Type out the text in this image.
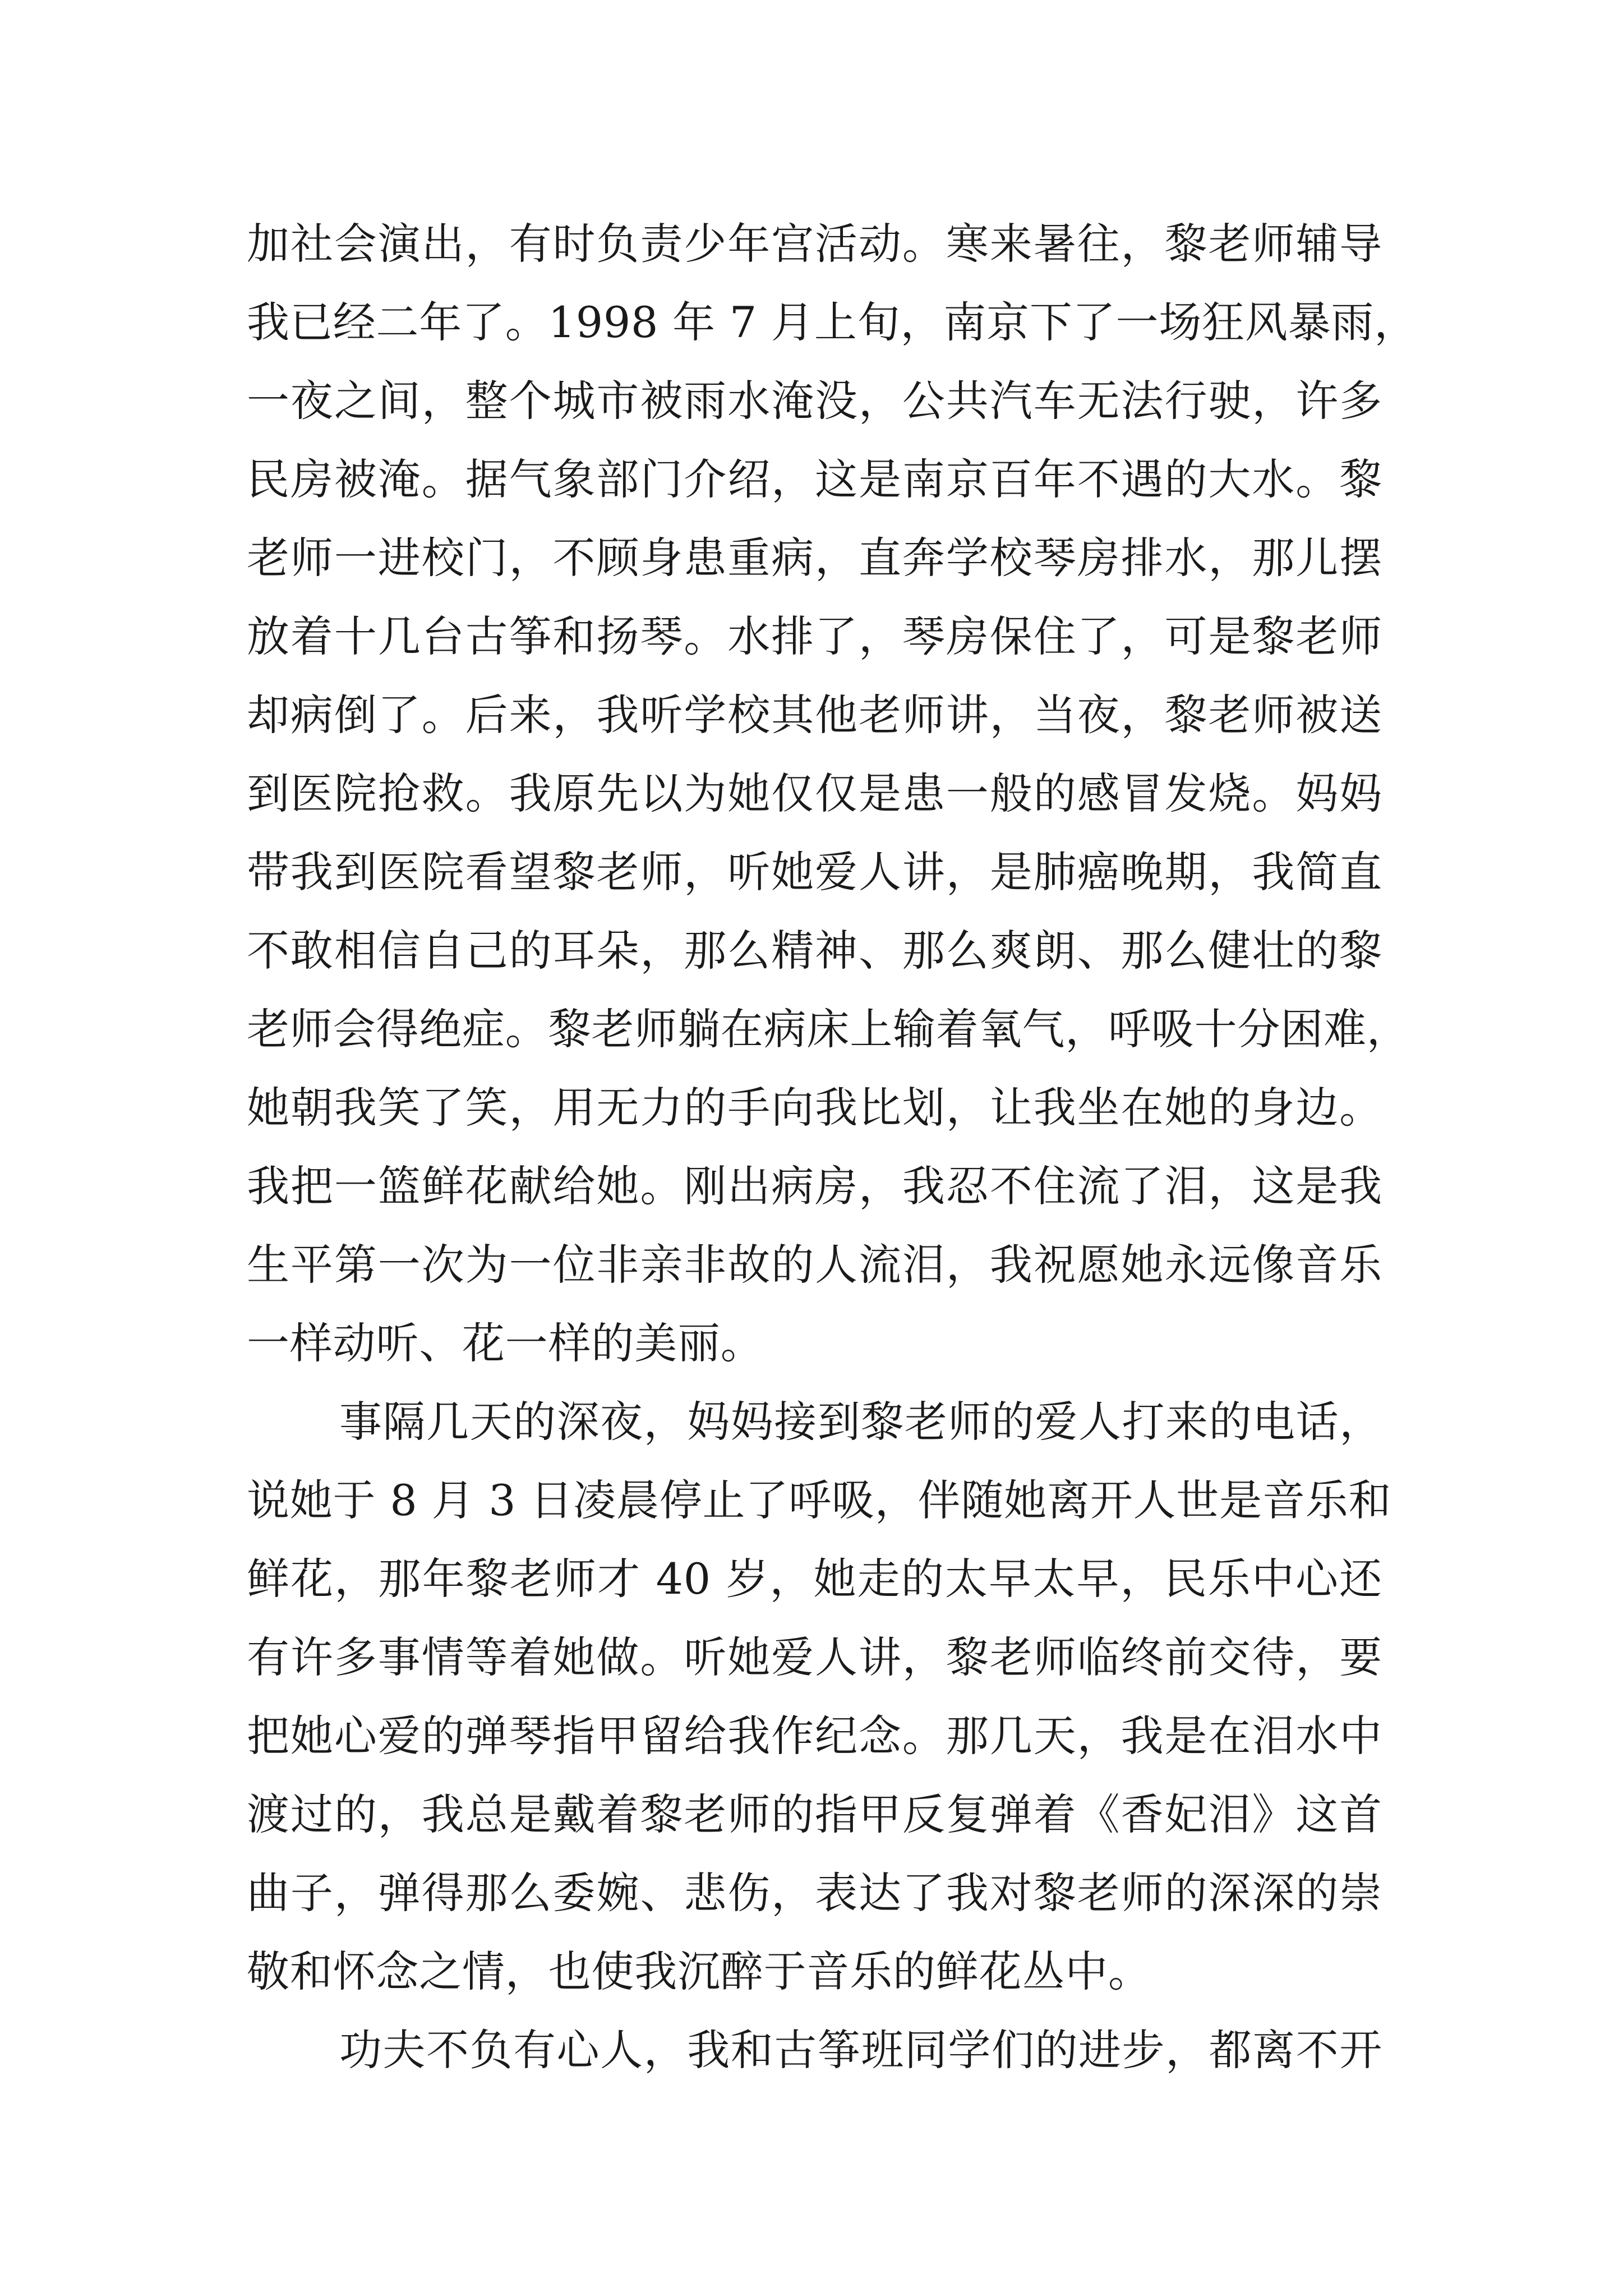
加社会演出，有时负责少年宫活动。寒来暑往，黎老师辅导
我已经二年了。1998 年 7 月上旬，南京下了一场狂风暴雨，
一夜之间，整个城市被雨水淹没，公共汽车无法行驶，许多
民房被淹。据气象部门介绍，这是南京百年不遇的大水。黎
老师一进校门，不顾身患重病，直奔学校琴房排水，那儿摆
放着十几台古筝和扬琴。水排了，琴房保住了，可是黎老师
却病倒了。后来，我听学校其他老师讲，当夜，黎老师被送
到医院抢救。我原先以为她仅仅是患一般的感冒发烧。妈妈
带我到医院看望黎老师，听她爱人讲，是肺癌晚期，我简直
不敢相信自己的耳朵，那么精神、那么爽朗、那么健壮的黎
老师会得绝症。黎老师躺在病床上输着氧气，呼吸十分困难，
她朝我笑了笑，用无力的手向我比划，让我坐在她的身边。
我把一篮鲜花献给她。刚出病房，我忍不住流了泪，这是我
生平第一次为一位非亲非故的人流泪，我祝愿她永远像音乐
一样动听、花一样的美丽。
事隔几天的深夜，妈妈接到黎老师的爱人打来的电话，
说她于 8 月 3 日凌晨停止了呼吸，伴随她离开人世是音乐和
鲜花，那年黎老师才 40 岁，她走的太早太早，民乐中心还
有许多事情等着她做。听她爱人讲，黎老师临终前交待，要
把她心爱的弹琴指甲留给我作纪念。那几天，我是在泪水中
渡过的，我总是戴着黎老师的指甲反复弹着《香妃泪》这首
曲子，弹得那么委婉、悲伤，表达了我对黎老师的深深的崇
敬和怀念之情，也使我沉醉于音乐的鲜花丛中。
功夫不负有心人，我和古筝班同学们的进步，都离不开
